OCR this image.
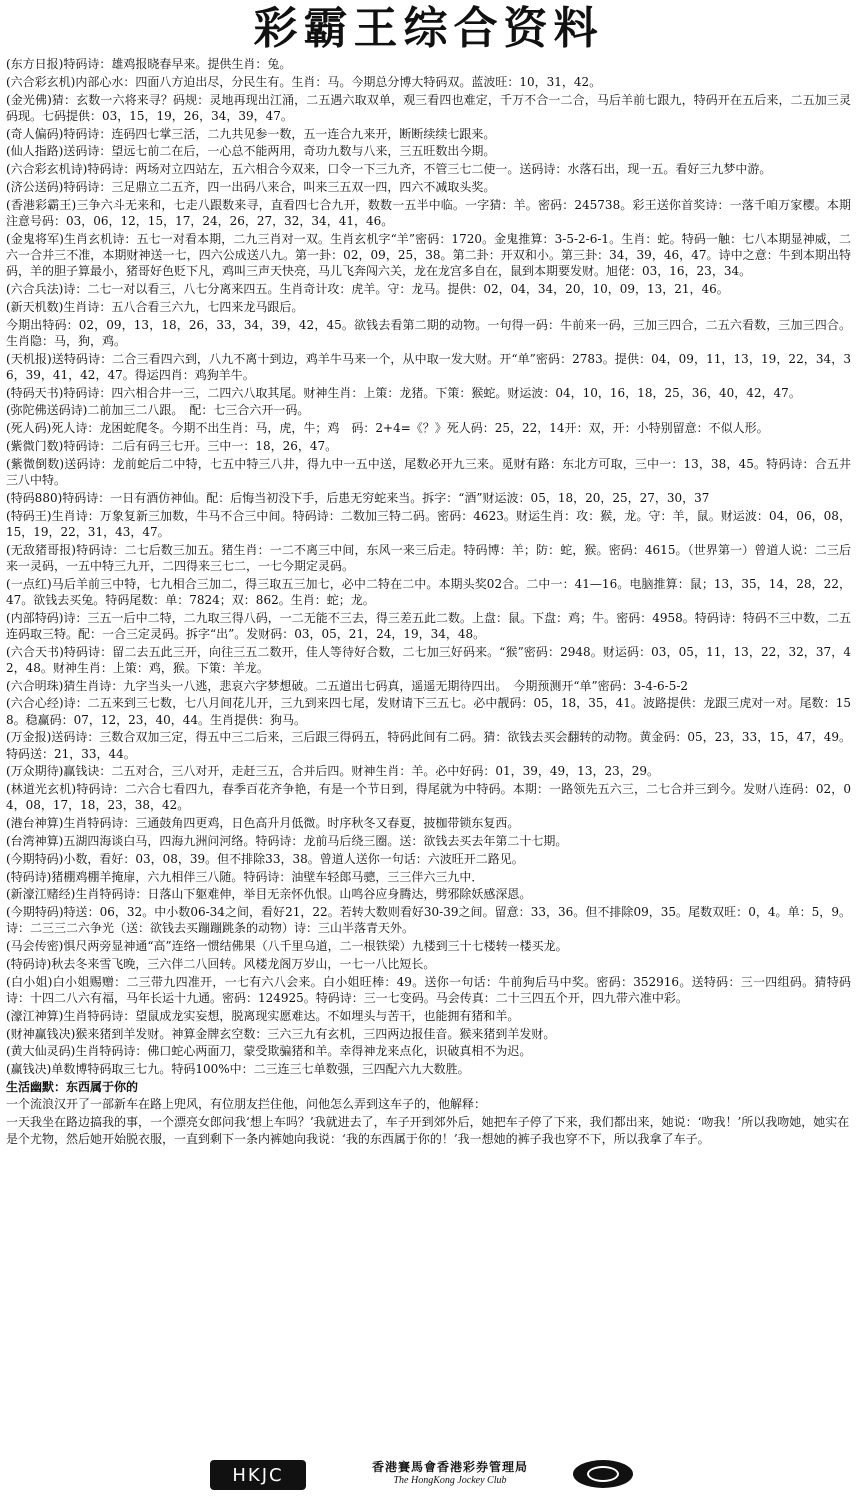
彩霸王综合资料
(东方日报)特码诗：雄鸡报晓春早来。提供生肖：兔。
(六合彩玄机)内部心水：四面八方迫出尽，分民生有。生肖：马。今期总分博大特码双。蓝波旺：10，31，42。
(金光佛)猜：玄数一六将来寻？码规：灵地再现出江涌，二五遇六取双单，观三看四也难定，千万不合一二合，马后羊前七跟九，特码开在五后来，二五加三灵码现。七码提供：03，15，19，26，34，39，47。
(奇人偏码)特码诗：连码四七掌三活，二九共见参一数，五一连合九来开，断断续续七跟来。
(仙人指路)送码诗：望远七前二在后，一心总不能两用，奇功九数与八来，三五旺数出今期。
(六合彩玄机诗)特码诗：两场对立四站左，五六相合今双来，口令一下三九齐，不管三七二使一。送码诗：水落石出，现一五。看好三九梦中游。
(济公送码)特码诗：三足鼎立二五齐，四一出码八来合，叫来三五双一四，四六不减取头奖。
(香港彩霸王)三争六斗无来和，七走八跟数来寻，直看四七合九开，数数一五半中临。一字猜：羊。密码：245738。彩王送你首奖诗：一落千咱万家樱。本期注意号码：03，06，12，15，17，24，26，27，32，34，41，46。
(金鬼将军)生肖玄机诗：五七一对看本期，二九三肖对一双。生肖玄机字“羊”密码：1720。金鬼推算：3-5-2-6-1。生肖：蛇。特码一触：七八本期显神威，二六一合并三不准，本期财神送一七，四六公成送八九。第一卦：02，09，25，38。第二卦：开双和小。第三卦：34，39，46，47。诗中之意：牛到本期出特码，羊的胆子算最小，猪哥好色贬下凡，鸡叫三声天快亮，马儿飞奔闯六关，龙在龙宫多自在，鼠到本期要发财。旭佬：03，16，23，34。
(六合兵法)诗：二七一对以看三，八七分离来四五。生肖奇计攻：虎羊。守：龙马。提供：02，04，34，20，10，09，13，21，46。
(新天机数)生肖诗：五八合看三六九，七四来龙马跟后。
今期出特码：02，09，13，18，26，33，34，39，42，45。欲钱去看第二期的动物。一句得一码：牛前来一码，三加三四合，二五六看数，三加三四合。生肖隐：马，狗，鸡。
(天机报)送特码诗：二合三看四六到，八九不离十到边，鸡羊牛马来一个，从中取一发大财。开“单”密码：2783。提供：04，09，11，13，19，22，34，36，39，41，42，47。得运四肖：鸡狗羊牛。
(特码天书)特码诗：四六相合井一三，二四六八取其尾。财神生肖：上策：龙猪。下策：猴蛇。财运波：04，10，16，18，25，36，40，42，47。
(弥陀佛送码诗)二前加三二八跟。　配：七三合六开一码。
(死人码)死人诗：龙困蛇爬冬。今期不出生肖：马，虎，牛；鸡　码：2+4=《？》死人码：25，22，14开：双，开：小特别留意：不似人形。
(紫微门数)特码诗：二后有码三七开。三中一：18，26，47。
(紫微倒数)送码诗：龙前蛇后二中特，七五中特三八井，得九中一五中送，尾数必开九三来。觅财有路：东北方可取，三中一：13，38，45。特码诗：合五井三八中特。
(特码880)特码诗：一日有酒仿神仙。配：后悔当初没下手，后患无穷蛇来当。拆字：“酒”财运波：05，18，20，25，27，30，37
(特码王)生肖诗：万象复新三加数，牛马不合三中间。特码诗：二数加三特二码。密码：4623。财运生肖：攻：猴，龙。守：羊，鼠。财运波：04，06，08，15，19，22，31，43，47。
(无敌猪哥报)特码诗：二七后数三加五。猪生肖：一二不离三中间，东风一来三后走。特码博：羊；防：蛇，猴。密码：4615。（世界第一）曾道人说：二三后来一灵码，一五中特三九开，二四得来三七二，一七今期定灵码。
(一点红)马后羊前三中特，七九相合三加二，得三取五三加七，必中二特在二中。本期头奖02合。二中一：41—16。电脑推算：鼠；13，35，14，28，22，47。欲钱去买兔。特码尾数：单：7824；双：862。生肖：蛇；龙。
(内部特码)诗：三五一后中二特，二九取三得八码，一二无能不三去，得三差五此二数。上盘：鼠。下盘：鸡；牛。密码：4958。特码诗：特码不三中数，二五连码取三特。配：一合三定灵码。拆字“出”。发财码：03，05，21，24，19，34，48。
(六合天书)特码诗：留二去五此三开，向往三五二数开，佳人等待好合数，二七加三好码来。“猴”密码：2948。财运码：03，05，11，13，22，32，37，42，48。财神生肖：上策：鸡，猴。下策：羊龙。
(六合明珠)猜生肖诗：九字当头一八逃，悲哀六字梦想破。二五道出七码真，遥遥无期待四出。　今期预测开“单”密码：3-4-6-5-2
(六合心经)诗：二五来到三七数，七八月间花儿开，三九到来四七尾，发财请下三五七。必中靓码：05，18，35，41。波路提供：龙跟三虎对一对。尾数：158。稳赢码：07，12，23，40，44。生肖提供：狗马。
(万金报)送码诗：三数合双加三定，得五中三二后来，三后跟三得码五，特码此间有二码。猜：欲钱去买会翻转的动物。黄金码：05，23，33，15，47，49。特码送：21，33，44。
(万众期待)赢钱诀：二五对合，三八对开，走赶三五，合并后四。财神生肖：羊。必中好码：01，39，49，13，23，29。
(林道光玄机)特码诗：二六合七看四九，春季百花齐争艳，有是一个节日到，得尾就为中特码。本期：一路领先五六三，二七合并三到今。发财八连码：02，04，08，17，18，23，38，42。
(港台神算)生肖特码诗：三通鼓角四更鸡，日色高升月低微。时序秋冬又春夏，披枷带锁东复西。
(台湾神算)五湖四海谈白马，四海九洲问河络。特码诗：龙前马后绕三圈。送：欲钱去买去年第二十七期。
(今期特码)小数，看好：03，08，39。但不排除33，38。曾道人送你一句话：六波旺开二路见。
(特码诗)猪棚鸡棚羊掩扉，六九相伴三八随。特码诗：油壁车轻郎马骢，三三伴六三九中．
(新濠江赌经)生肖特码诗：日落山下躯难伸，举目无亲怀仇恨。山鸣谷应身腾达，劈邪除妖感深恩。
(今期特码)特送：06，32。中小数06-34之间，看好21，22。若转大数则看好30-39之间。留意：33，36。但不排除09，35。尾数双旺：0，4。单：5，9。诗：二三三二六争光（送：欲钱去买蹦蹦跳条的动物）诗：三山半落青天外。
(马会传密)惧尺两旁显神通“高”连络一惯结佛果（八千里乌道，二一根铁梁）九楼到三十七楼转一楼买龙。
(特码诗)秋去冬来雪飞晚，三六伴二八回转。风楼龙阁万岁山，一七一八比短长。
(白小姐)白小姐赐赠：二三带九四准开，一七有六八会来。白小姐旺棒：49。送你一句话：牛前狗后马中奖。密码：352916。送特码：三一四组码。猜特码诗：十四二八六有福，马年长运十九通。密码：124925。特码诗：三一七变码。马会传真：二十三四五个开，四九带六准中彩。
(濠江神算)生肖特码诗：望鼠成龙实妄想，脱离现实愿难达。不如埋头与苦干，也能拥有猪和羊。
(财神赢钱决)猴来猪到羊发财。神算金牌玄空数：三六三九有玄机，三四两边报佳音。猴来猪到羊发财。
(黄大仙灵码)生肖特码诗：佛口蛇心两面刀，蒙受欺骗猪和羊。幸得神龙来点化，识破真相不为迟。
(赢钱决)单数博特码取三七九。特码100%中：二三连三七单数强，三四配六九大数胜。
生活幽默：东西属于你的

一个流浪汉开了一部新车在路上兜风，有位朋友拦住他，问他怎么弄到这车子的，他解释：

一天我坐在路边搞我的事，一个漂亮女郎问我‘想上车吗？’我就进去了，车子开到郊外后，她把车子停了下来，我们都出来，她说：‘吻我！’所以我吻她，她实在是个尤物，然后她开始脱衣服，一直到剩下一条内裤她向我说：‘我的东西属于你的！’我一想她的裤子我也穿不下，所以我拿了车子。

HKJC	香港賽馬會香港彩券管理局
The HongKong Jockey Club
